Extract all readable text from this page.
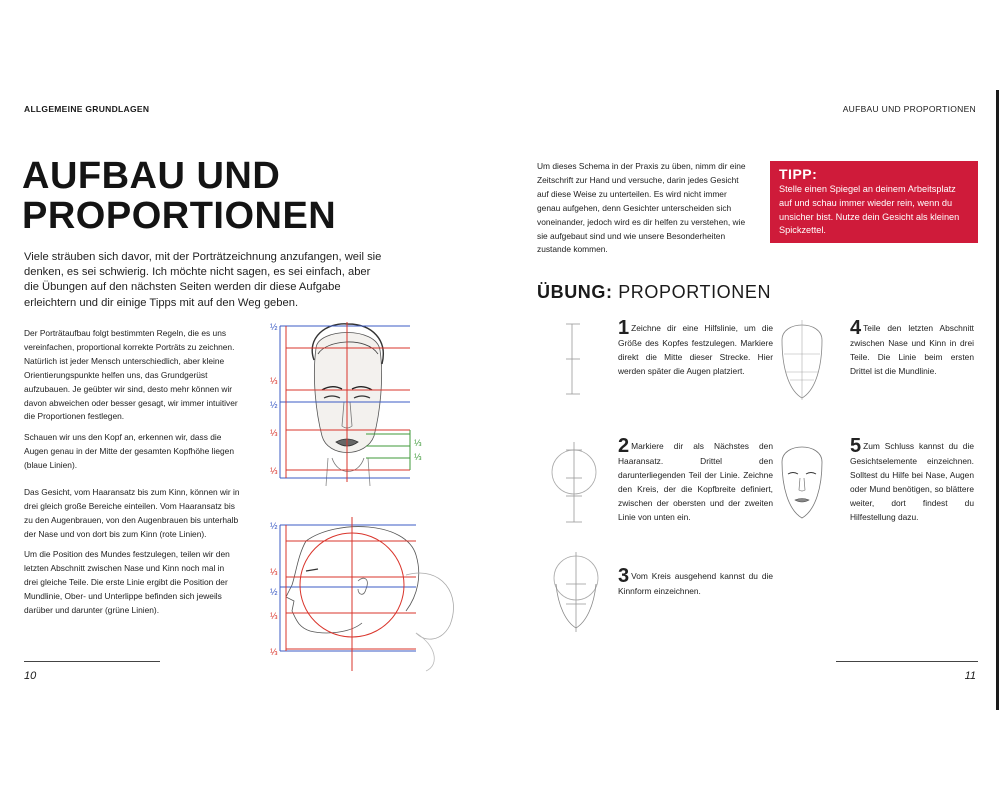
ALLGEMEINE GRUNDLAGEN	AUFBAU UND PROPORTIONEN
AUFBAU UND
PROPORTIONEN
Viele sträuben sich davor, mit der Porträtzeichnung anzufangen, weil sie denken, es sei schwierig. Ich möchte nicht sagen, es sei einfach, aber die Übungen auf den nächsten Seiten werden dir diese Aufgabe erleichtern und dir einige Tipps mit auf den Weg geben.
Der Porträtaufbau folgt bestimmten Regeln, die es uns vereinfachen, proportional korrekte Porträts zu zeichnen. Natürlich ist jeder Mensch unterschiedlich, aber kleine Orientierungspunkte helfen uns, das Grundgerüst aufzubauen. Je geübter wir sind, desto mehr können wir davon abweichen oder besser gesagt, wir immer intuitiver die Proportionen festlegen.
Schauen wir uns den Kopf an, erkennen wir, dass die Augen genau in der Mitte der gesamten Kopfhöhe liegen (blaue Linien).
Das Gesicht, vom Haaransatz bis zum Kinn, können wir in drei gleich große Bereiche einteilen. Vom Haaransatz bis zu den Augenbrauen, von den Augenbrauen bis unterhalb der Nase und von dort bis zum Kinn (rote Linien).
Um die Position des Mundes festzulegen, teilen wir den letzten Abschnitt zwischen Nase und Kinn noch mal in drei gleiche Teile. Die erste Linie ergibt die Position der Mundlinie, Ober- und Unterlippe befinden sich jeweils darüber und darunter (grüne Linien).
½
⅓
½
⅓
⅓
⅓
⅓
½
⅓
½
⅓
⅓
Um dieses Schema in der Praxis zu üben, nimm dir eine Zeitschrift zur Hand und versuche, darin jedes Gesicht auf diese Weise zu unterteilen. Es wird nicht immer genau aufgehen, denn Gesichter unterscheiden sich voneinander, jedoch wird es dir helfen zu verstehen, wie sie aufgebaut sind und wie unsere Besonderheiten zustande kommen.
TIPP:
Stelle einen Spiegel an deinem Arbeitsplatz auf und schau immer wieder rein, wenn du unsicher bist. Nutze dein Gesicht als kleinen Spickzettel.
ÜBUNG: PROPORTIONEN
1 Zeichne dir eine Hilfslinie, um die Größe des Kopfes festzulegen. Markiere direkt die Mitte dieser Strecke. Hier werden später die Augen platziert.
2 Markiere dir als Nächstes den Haaransatz. Drittel den darunterliegenden Teil der Linie. Zeichne den Kreis, der die Kopfbreite definiert, zwischen der obersten und der zweiten Linie von unten ein.
3 Vom Kreis ausgehend kannst du die Kinnform einzeichnen.
4 Teile den letzten Abschnitt zwischen Nase und Kinn in drei Teile. Die Linie beim ersten Drittel ist die Mundlinie.
5 Zum Schluss kannst du die Gesichtselemente einzeichnen. Solltest du Hilfe bei Nase, Augen oder Mund benötigen, so blättere weiter, dort findest du Hilfestellung dazu.
10	11
